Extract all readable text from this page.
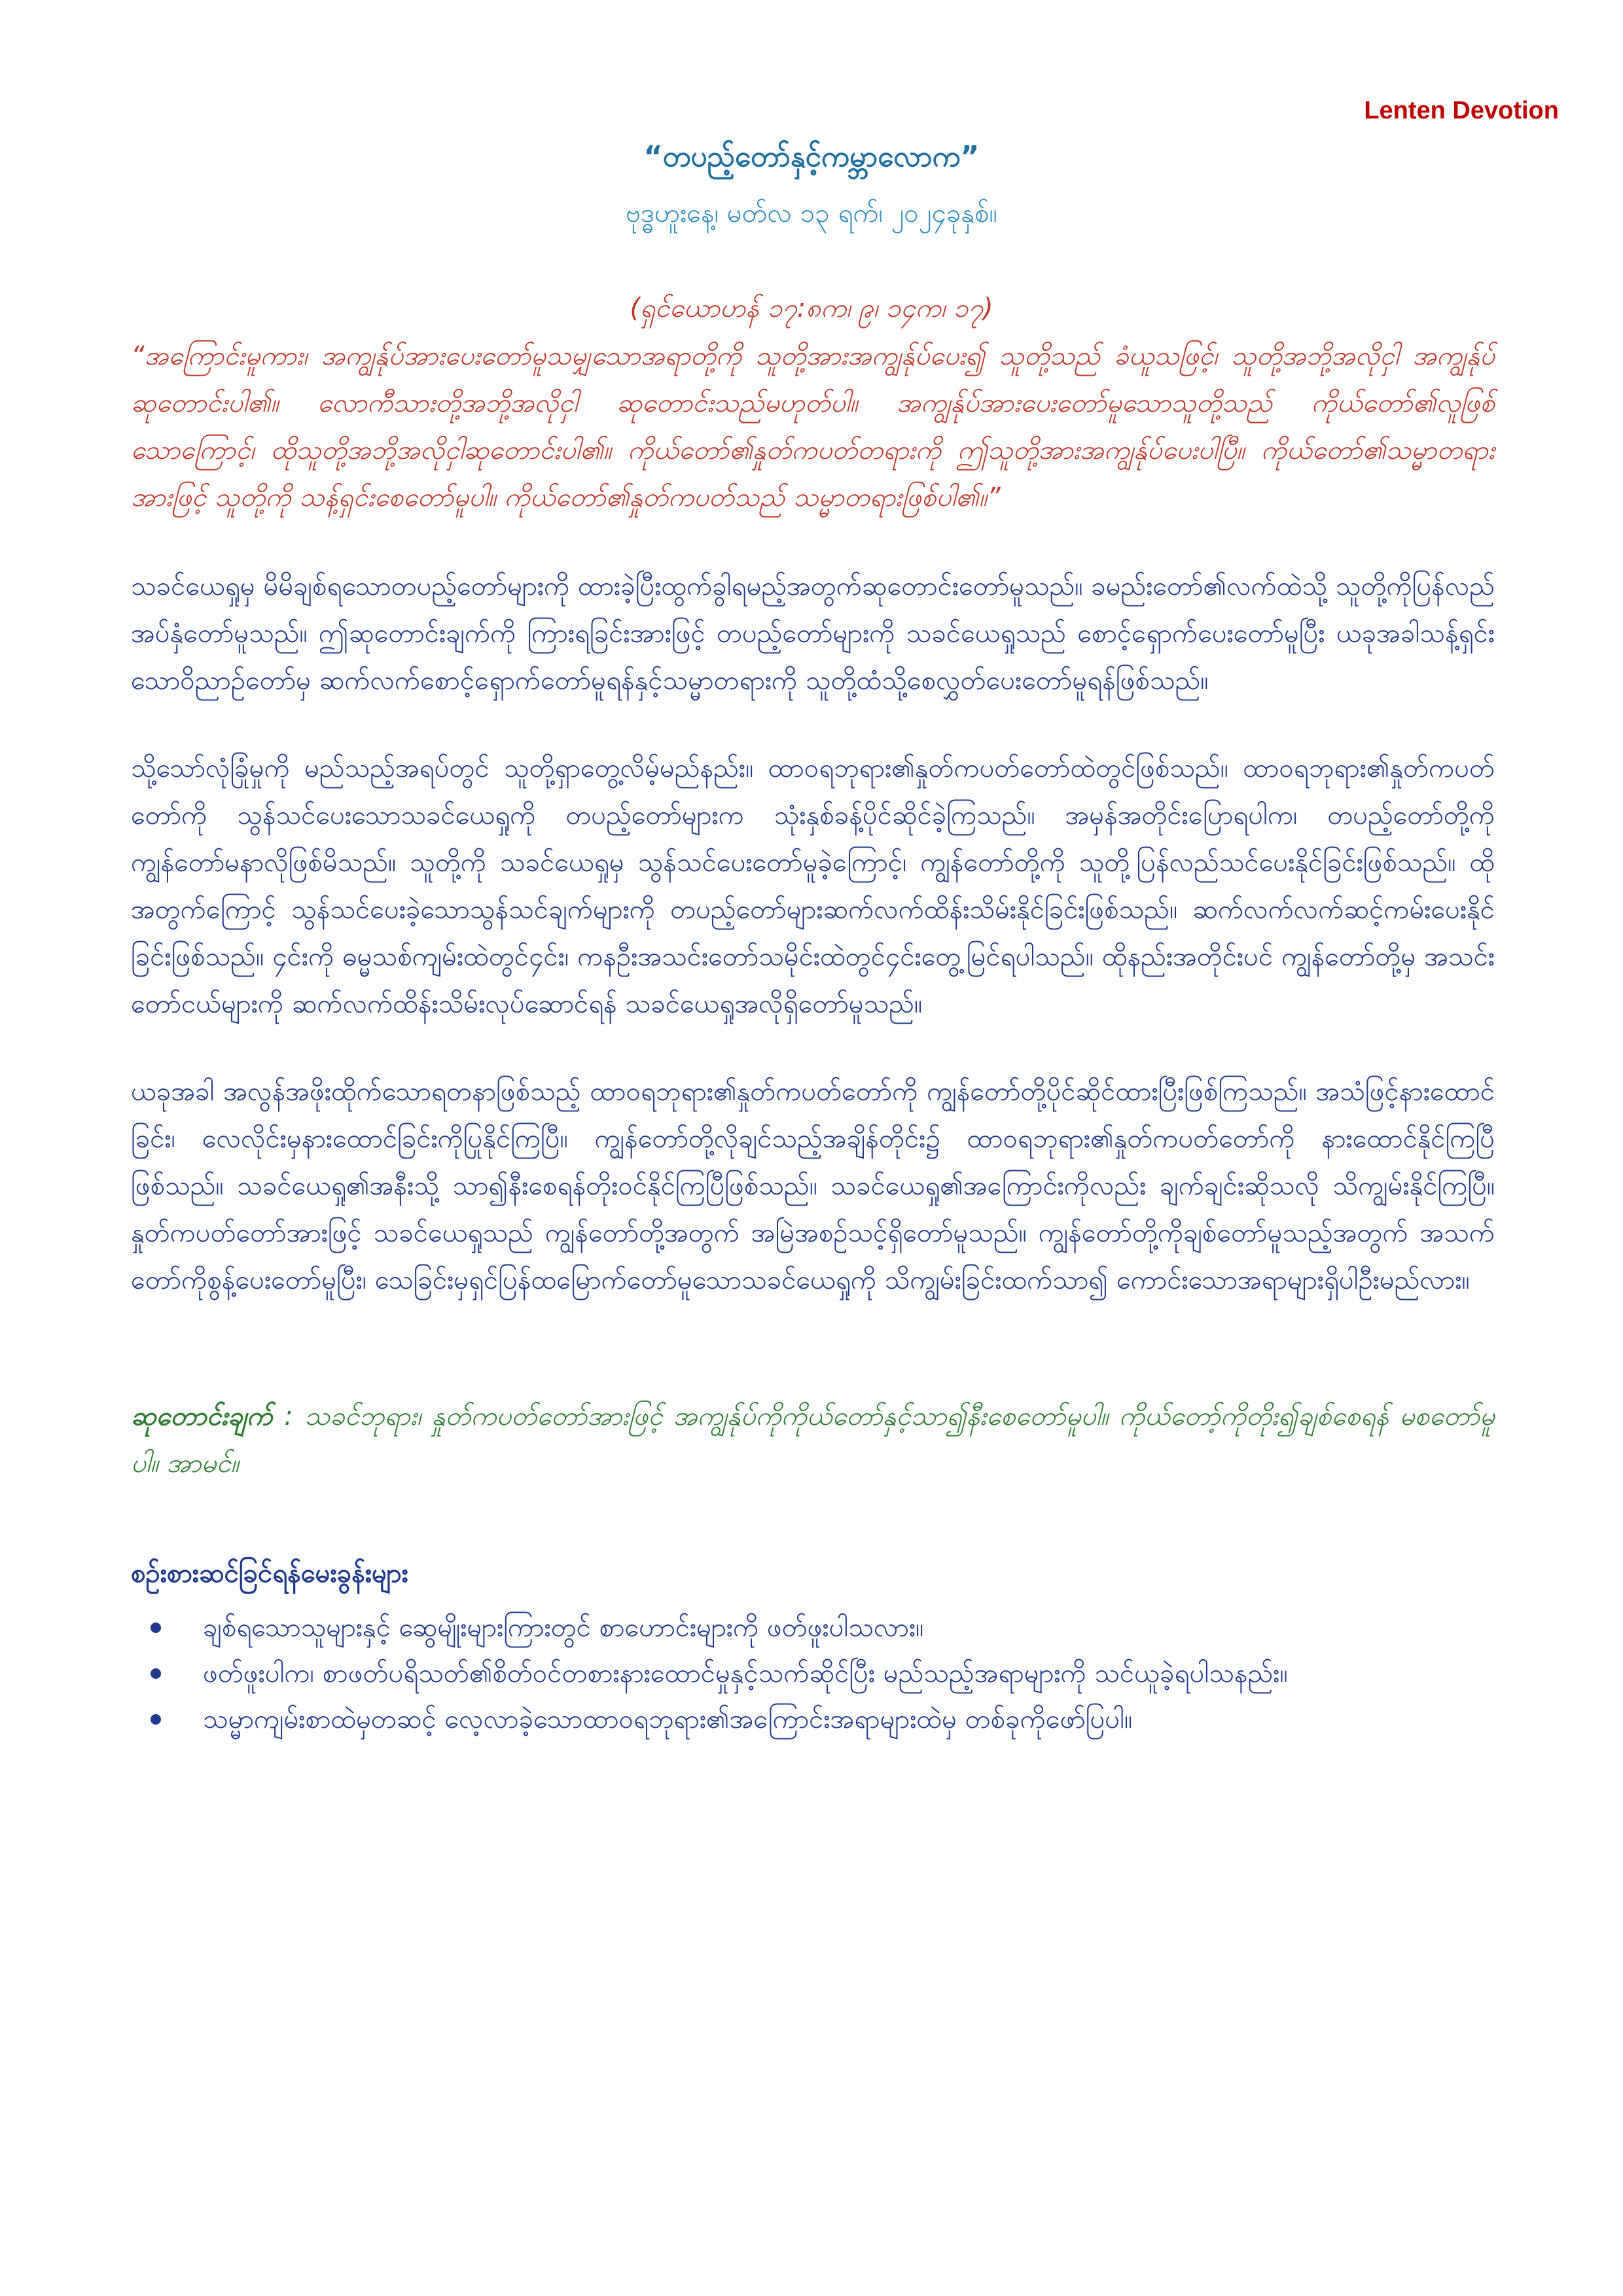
Lenten Devotion
“တပည့်တော်နှင့်ကမ္ဘာလောက”
ဗုဒ္ဓဟူးနေ့၊ မတ်လ ၁၃ ရက်၊ ၂၀၂၄ခုနှစ်။
(ရှင်ယောဟန် ၁၇:၈က၊ ၉၊ ၁၄က၊ ၁၇)
“အကြောင်းမူကား၊ အကျွန်ုပ်အားပေးတော်မူသမျှသောအရာတို့ကို သူတို့အားအကျွန်ုပ်ပေး၍ သူတို့သည် ခံယူသဖြင့်၊ သူတို့အဘို့အလိုငှါ အကျွန်ုပ်ဆုတောင်းပါ၏။ လောကီသားတို့အဘို့အလိုငှါ ဆုတောင်းသည်မဟုတ်ပါ။ အကျွန်ုပ်အားပေးတော်မူသောသူတို့သည် ကိုယ်တော်၏လူဖြစ်သောကြောင့်၊ ထိုသူတို့အဘို့အလိုငှါဆုတောင်းပါ၏။ ကိုယ်တော်၏နှုတ်ကပတ်တရားကို ဤသူတို့အားအကျွန်ုပ်ပေးပါပြီ။ ကိုယ်တော်၏သမ္မာတရားအားဖြင့် သူတို့ကို သန့်ရှင်းစေတော်မူပါ။ ကိုယ်တော်၏နှုတ်ကပတ်သည် သမ္မာတရားဖြစ်ပါ၏။”
သခင်ယေရှုမှ မိမိချစ်ရသောတပည့်တော်များကို ထားခဲ့ပြီးထွက်ခွါရမည့်အတွက်ဆုတောင်းတော်မူသည်။ ခမည်းတော်၏လက်ထဲသို့ သူတို့ကိုပြန်လည်အပ်နှံတော်မူသည်။ ဤဆုတောင်းချက်ကို ကြားရခြင်းအားဖြင့် တပည့်တော်များကို သခင်ယေရှုသည် စောင့်ရှောက်ပေးတော်မူပြီး ယခုအခါသန့်ရှင်းသောဝိညာဉ်တော်မှ ဆက်လက်စောင့်ရှောက်တော်မူရန်နှင့်သမ္မာတရားကို သူတို့ထံသို့စေလွှတ်ပေးတော်မူရန်ဖြစ်သည်။
သို့သော်လုံခြုံမှုကို မည်သည့်အရပ်တွင် သူတို့ရှာတွေ့လိမ့်မည်နည်း။ ထာဝရဘုရား၏နှုတ်ကပတ်တော်ထဲတွင်ဖြစ်သည်။ ထာဝရဘုရား၏နှုတ်ကပတ်တော်ကို သွန်သင်ပေးသောသခင်ယေရှုကို တပည့်တော်များက သုံးနှစ်ခန့်ပိုင်ဆိုင်ခဲ့ကြသည်။ အမှန်အတိုင်းပြောရပါက၊ တပည့်တော်တို့ကိုကျွန်တော်မနာလိုဖြစ်မိသည်။ သူတို့ကို သခင်ယေရှုမှ သွန်သင်ပေးတော်မူခဲ့ကြောင့်၊ ကျွန်တော်တို့ကို သူတို့ပြန်လည်သင်ပေးနိုင်ခြင်းဖြစ်သည်။ ထိုအတွက်ကြောင့် သွန်သင်ပေးခဲ့သောသွန်သင်ချက်များကို တပည့်တော်များဆက်လက်ထိန်းသိမ်းနိုင်ခြင်းဖြစ်သည်။ ဆက်လက်လက်ဆင့်ကမ်းပေးနိုင်ခြင်းဖြစ်သည်။ ၄င်းကို ဓမ္မသစ်ကျမ်းထဲတွင်၄င်း၊ ကနဦးအသင်းတော်သမိုင်းထဲတွင်၄င်းတွေ့မြင်ရပါသည်။ ထိုနည်းအတိုင်းပင် ကျွန်တော်တို့မှ အသင်းတော်ငယ်များကို ဆက်လက်ထိန်းသိမ်းလုပ်ဆောင်ရန် သခင်ယေရှုအလိုရှိတော်မူသည်။
ယခုအခါ အလွန်အဖိုးထိုက်သောရတနာဖြစ်သည့် ထာဝရဘုရား၏နှုတ်ကပတ်တော်ကို ကျွန်တော်တို့ပိုင်ဆိုင်ထားပြီးဖြစ်ကြသည်။ အသံဖြင့်နားထောင်ခြင်း၊ လေလိုင်းမှနားထောင်ခြင်းကိုပြုနိုင်ကြပြီ။ ကျွန်တော်တို့လိုချင်သည့်အချိန်တိုင်း၌ ထာဝရဘုရား၏နှုတ်ကပတ်တော်ကို နားထောင်နိုင်ကြပြီဖြစ်သည်။ သခင်ယေရှု၏အနီးသို့ သာ၍နီးစေရန်တိုးဝင်နိုင်ကြပြီဖြစ်သည်။ သခင်ယေရှု၏အကြောင်းကိုလည်း ချက်ချင်းဆိုသလို သိကျွမ်းနိုင်ကြပြီ။ နှုတ်ကပတ်တော်အားဖြင့် သခင်ယေရှုသည် ကျွန်တော်တို့အတွက် အမြဲအစဉ်သင့်ရှိတော်မူသည်။ ကျွန်တော်တို့ကိုချစ်တော်မူသည့်အတွက် အသက်တော်ကိုစွန့်ပေးတော်မူပြီး၊ သေခြင်းမှရှင်ပြန်ထမြောက်တော်မူသောသခင်ယေရှုကို သိကျွမ်းခြင်းထက်သာ၍ ကောင်းသောအရာများရှိပါဦးမည်လား။
ဆုတောင်းချက် : သခင်ဘုရား၊ နှုတ်ကပတ်တော်အားဖြင့် အကျွန်ုပ်ကိုကိုယ်တော်နှင့်သာ၍နီးစေတော်မူပါ။ ကိုယ်တော့်ကိုတိုး၍ချစ်စေရန် မစတော်မူပါ။ အာမင်။
စဉ်းစားဆင်ခြင်ရန်မေးခွန်းများ
ချစ်ရသောသူများနှင့် ဆွေမျိုးများကြားတွင် စာဟောင်းများကို ဖတ်ဖူးပါသလား။
ဖတ်ဖူးပါက၊ စာဖတ်ပရိသတ်၏စိတ်ဝင်တစားနားထောင်မှုနှင့်သက်ဆိုင်ပြီး မည်သည့်အရာများကို သင်ယူခဲ့ရပါသနည်း။
သမ္မာကျမ်းစာထဲမှတဆင့် လေ့လာခဲ့သောထာဝရဘုရား၏အကြောင်းအရာများထဲမှ တစ်ခုကိုဖော်ပြပါ။
